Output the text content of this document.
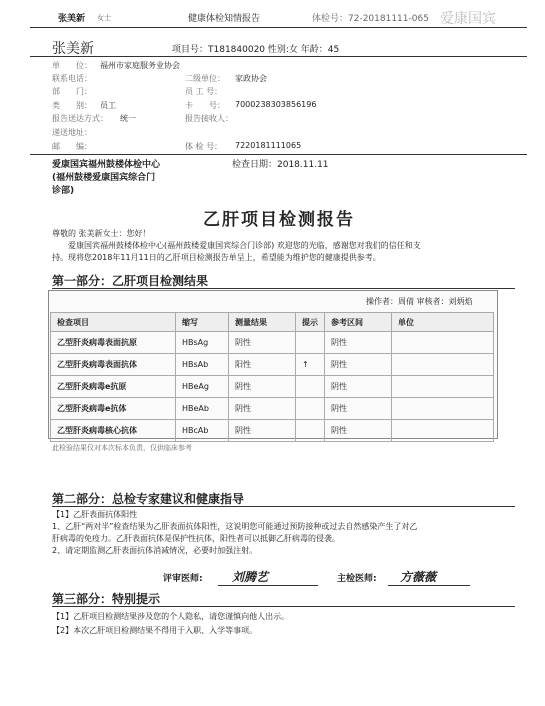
张美新 女士	健康体检知情报告	体检号：72-20181111-065 爱康国宾
张美新	项目号：T181840020 性别:女 年龄：45
单　　位： 福州市家庭服务业协会
联系电话：	二级单位： 家政协会
部　　门：	员 工 号：
类　　别： 员工	卡　　号： 7000238303856196
报告送达方式： 统一	报告接收人：
递送地址：
邮　　编：	体 检 号： 7220181111065
爱康国宾福州鼓楼体检中心
(福州鼓楼爱康国宾综合门
诊部)
检查日期：2018.11.11
乙肝项目检测报告
尊敬的 张美新女士：您好！
爱康国宾福州鼓楼体检中心(福州鼓楼爱康国宾综合门诊部) 欢迎您的光临，感谢您对我们的信任和支
持。现将您2018年11月11日的乙肝项目检测报告单呈上，希望能为维护您的健康提供参考。
第一部分：乙肝项目检测结果
操作者：周倩 审核者：刘炳焰
检查项目	缩写	测量结果	提示	参考区间	单位
乙型肝炎病毒表面抗原	HBsAg	阴性		阴性	
乙型肝炎病毒表面抗体	HBsAb	阳性	↑	阴性	
乙型肝炎病毒e抗原	HBeAg	阴性		阴性	
乙型肝炎病毒e抗体	HBeAb	阴性		阴性	
乙型肝炎病毒核心抗体	HBcAb	阴性		阴性	
此检验结果仅对本次标本负责，仅供临床参考
第二部分：总检专家建议和健康指导
【1】乙肝表面抗体阳性
1、乙肝“两对半”检查结果为乙肝表面抗体阳性，这说明您可能通过预防接种或过去自然感染产生了对乙
肝病毒的免疫力。乙肝表面抗体是保护性抗体，阳性者可以抵御乙肝病毒的侵袭。
2、请定期监测乙肝表面抗体消减情况，必要时加强注射。
评审医师: 刘腾艺	主检医师: 方薇薇
第三部分：特别提示
【1】乙肝项目检测结果涉及您的个人隐私，请您谨慎向他人出示。
【2】本次乙肝项目检测结果不得用于入职、入学等事项。
